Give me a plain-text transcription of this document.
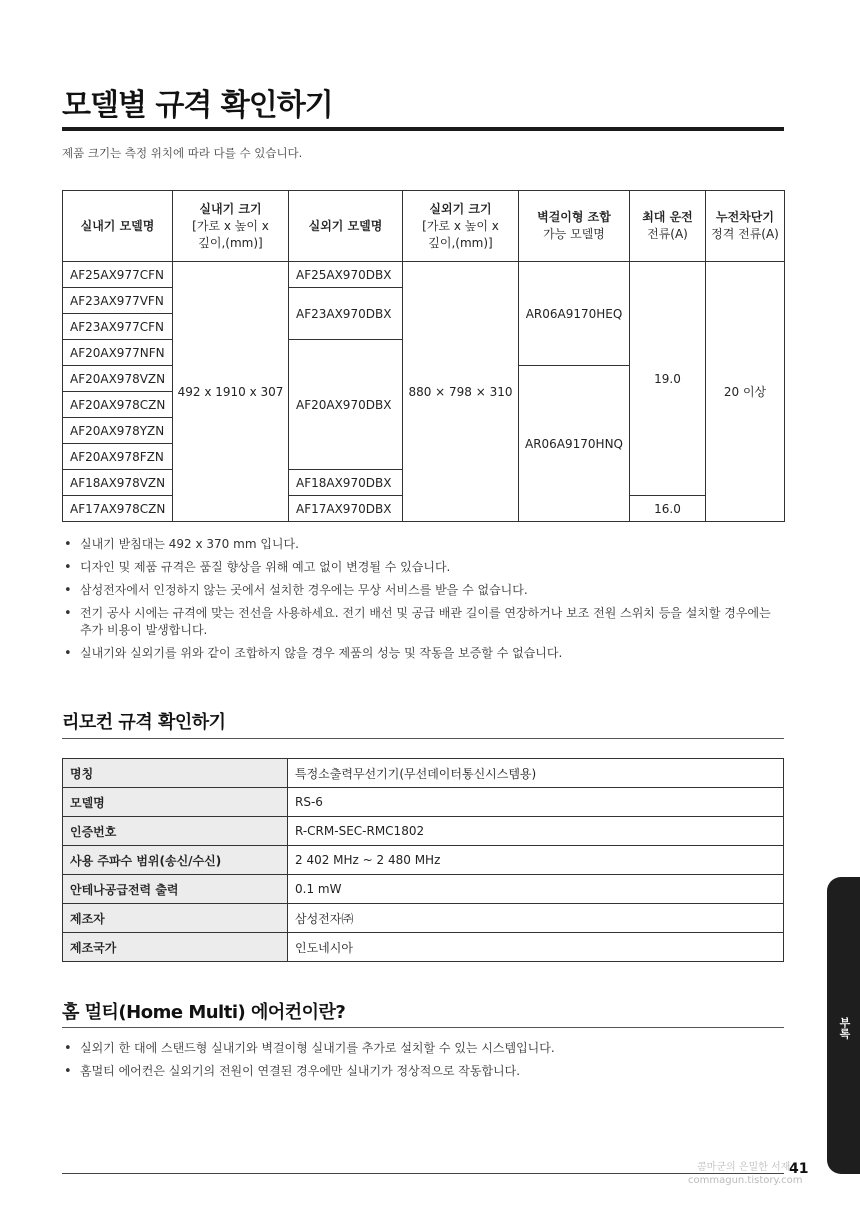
모델별 규격 확인하기
제품 크기는 측정 위치에 따라 다를 수 있습니다.
실내기 모델명	실내기 크기
[가로 x 높이 x
깊이,(mm)]	실외기 모델명	실외기 크기
[가로 x 높이 x
깊이,(mm)]	벽걸이형 조합
가능 모델명	최대 운전
전류(A)	누전차단기
정격 전류(A)
AF25AX977CFN	492 x 1910 x 307	AF25AX970DBX	880 × 798 × 310	AR06A9170HEQ	19.0	20 이상
AF23AX977VFN		AF23AX970DBX				
AF23AX977CFN						
AF20AX977NFN		AF20AX970DBX				
AF20AX978VZN				AR06A9170HNQ		
AF20AX978CZN						
AF20AX978YZN						
AF20AX978FZN						
AF18AX978VZN		AF18AX970DBX				
AF17AX978CZN		AF17AX970DBX			16.0	
• 실내기 받침대는 492 x 370 mm 입니다.
• 디자인 및 제품 규격은 품질 향상을 위해 예고 없이 변경될 수 있습니다.
• 삼성전자에서 인정하지 않는 곳에서 설치한 경우에는 무상 서비스를 받을 수 없습니다.
• 전기 공사 시에는 규격에 맞는 전선을 사용하세요. 전기 배선 및 공급 배관 길이를 연장하거나 보조 전원 스위치 등을 설치할 경우에는 추가 비용이 발생합니다.
• 실내기와 실외기를 위와 같이 조합하지 않을 경우 제품의 성능 및 작동을 보증할 수 없습니다.
리모컨 규격 확인하기
명칭	특정소출력무선기기(무선데이터통신시스템용)
모델명	RS-6
인증번호	R-CRM-SEC-RMC1802
사용 주파수 범위(송신/수신)	2 402 MHz ~ 2 480 MHz
안테나공급전력 출력	0.1 mW
제조자	삼성전자㈜
제조국가	인도네시아
홈 멀티(Home Multi) 에어컨이란?
• 실외기 한 대에 스탠드형 실내기와 벽걸이형 실내기를 추가로 설치할 수 있는 시스템입니다.
• 홈멀티 에어컨은 실외기의 전원이 연결된 경우에만 실내기가 정상적으로 작동합니다.
부록
콤마군의 은밀한 서재
commagun.tistory.com
41
